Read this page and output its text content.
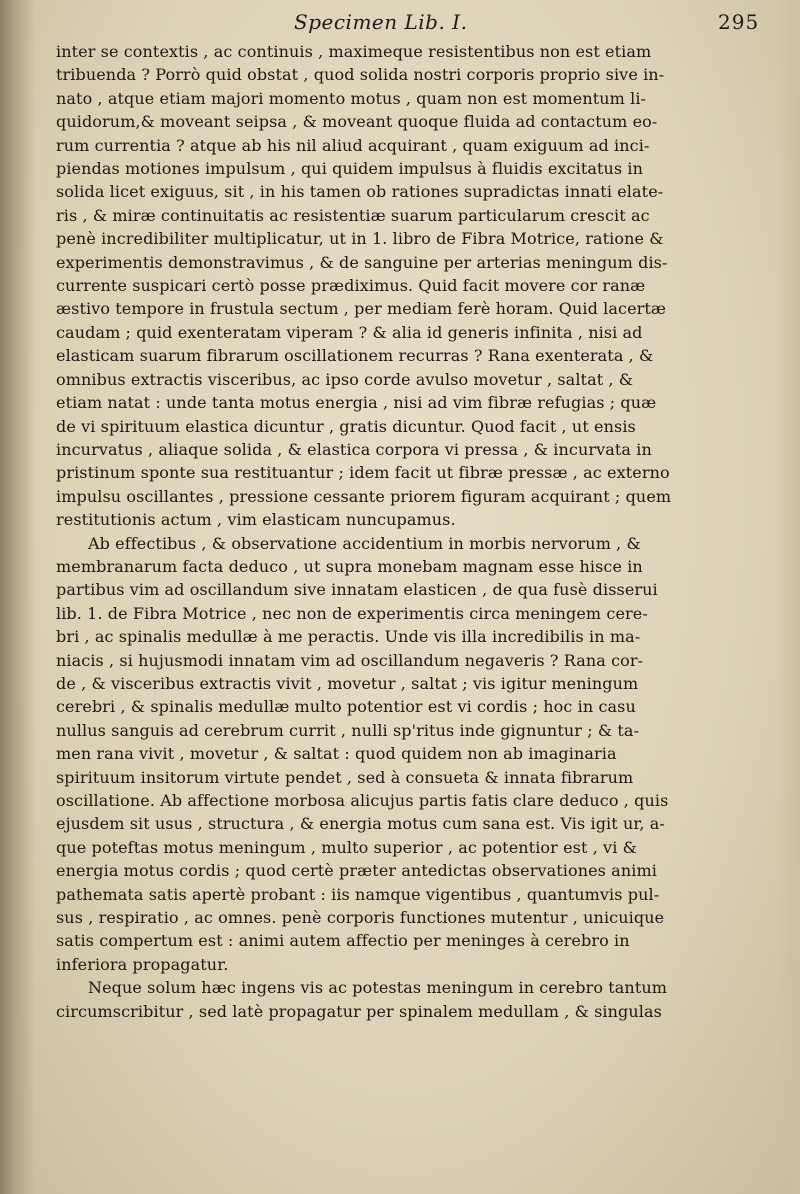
Specimen Lib. I.	295
inter se contextis , ac continuis , maximeque resistentibus non est etiam
tribuenda ? Porrò quid obstat , quod solida nostri corporis proprio sive in-
nato , atque etiam majori momento motus , quam non est momentum li-
quidorum,& moveant seipsa , & moveant quoque fluida ad contactum eo-
rum currentia ? atque ab his nil aliud acquirant , quam exiguum ad inci-
piendas motiones impulsum , qui quidem impulsus à fluidis excitatus in
solida licet exiguus, sit , in his tamen ob rationes supradictas innati elate-
ris , & miræ continuitatis ac resistentiæ suarum particularum crescit ac
penè incredibiliter multiplicatur, ut in 1. libro de Fibra Motrice, ratione &
experimentis demonstravimus , & de sanguine per arterias meningum dis-
currente suspicari certò posse prædiximus. Quid facit movere cor ranæ
æstivo tempore in frustula sectum , per mediam ferè horam. Quid lacertæ
caudam ; quid exenteratam viperam ? & alia id generis infinita , nisi ad
elasticam suarum fibrarum oscillationem recurras ? Rana exenterata , &
omnibus extractis visceribus, ac ipso corde avulso movetur , saltat , &
etiam natat : unde tanta motus energia , nisi ad vim fibræ refugias ; quæ
de vi spirituum elastica dicuntur , gratis dicuntur. Quod facit , ut ensis
incurvatus , aliaque solida , & elastica corpora vi pressa , & incurvata in
pristinum sponte sua restituantur ; idem facit ut fibræ pressæ , ac externo
impulsu oscillantes , pressione cessante priorem figuram acquirant ; quem
restitutionis actum , vim elasticam nuncupamus.
Ab effectibus , & observatione accidentium in morbis nervorum , &
membranarum facta deduco , ut supra monebam magnam esse hisce in
partibus vim ad oscillandum sive innatam elasticen , de qua fusè disserui
lib. 1. de Fibra Motrice , nec non de experimentis circa meningem cere-
bri , ac spinalis medullæ à me peractis. Unde vis illa incredibilis in ma-
niacis , si hujusmodi innatam vim ad oscillandum negaveris ? Rana cor-
de , & visceribus extractis vivit , movetur , saltat ; vis igitur meningum
cerebri , & spinalis medullæ multo potentior est vi cordis ; hoc in casu
nullus sanguis ad cerebrum currit , nulli sp'ritus inde gignuntur ; & ta-
men rana vivit , movetur , & saltat : quod quidem non ab imaginaria
spirituum insitorum virtute pendet , sed à consueta & innata fibrarum
oscillatione. Ab affectione morbosa alicujus partis fatis clare deduco , quis
ejusdem sit usus , structura , & energia motus cum sana est. Vis igit ur, a-
que poteftas motus meningum , multo superior , ac potentior est , vi &
energia motus cordis ; quod certè præter antedictas observationes animi
pathemata satis apertè probant : iis namque vigentibus , quantumvis pul-
sus , respiratio , ac omnes. penè corporis functiones mutentur , unicuique
satis compertum est : animi autem affectio per meninges à cerebro in
inferiora propagatur.
Neque solum hæc ingens vis ac potestas meningum in cerebro tantum
circumscribitur , sed latè propagatur per spinalem medullam , & singulas
